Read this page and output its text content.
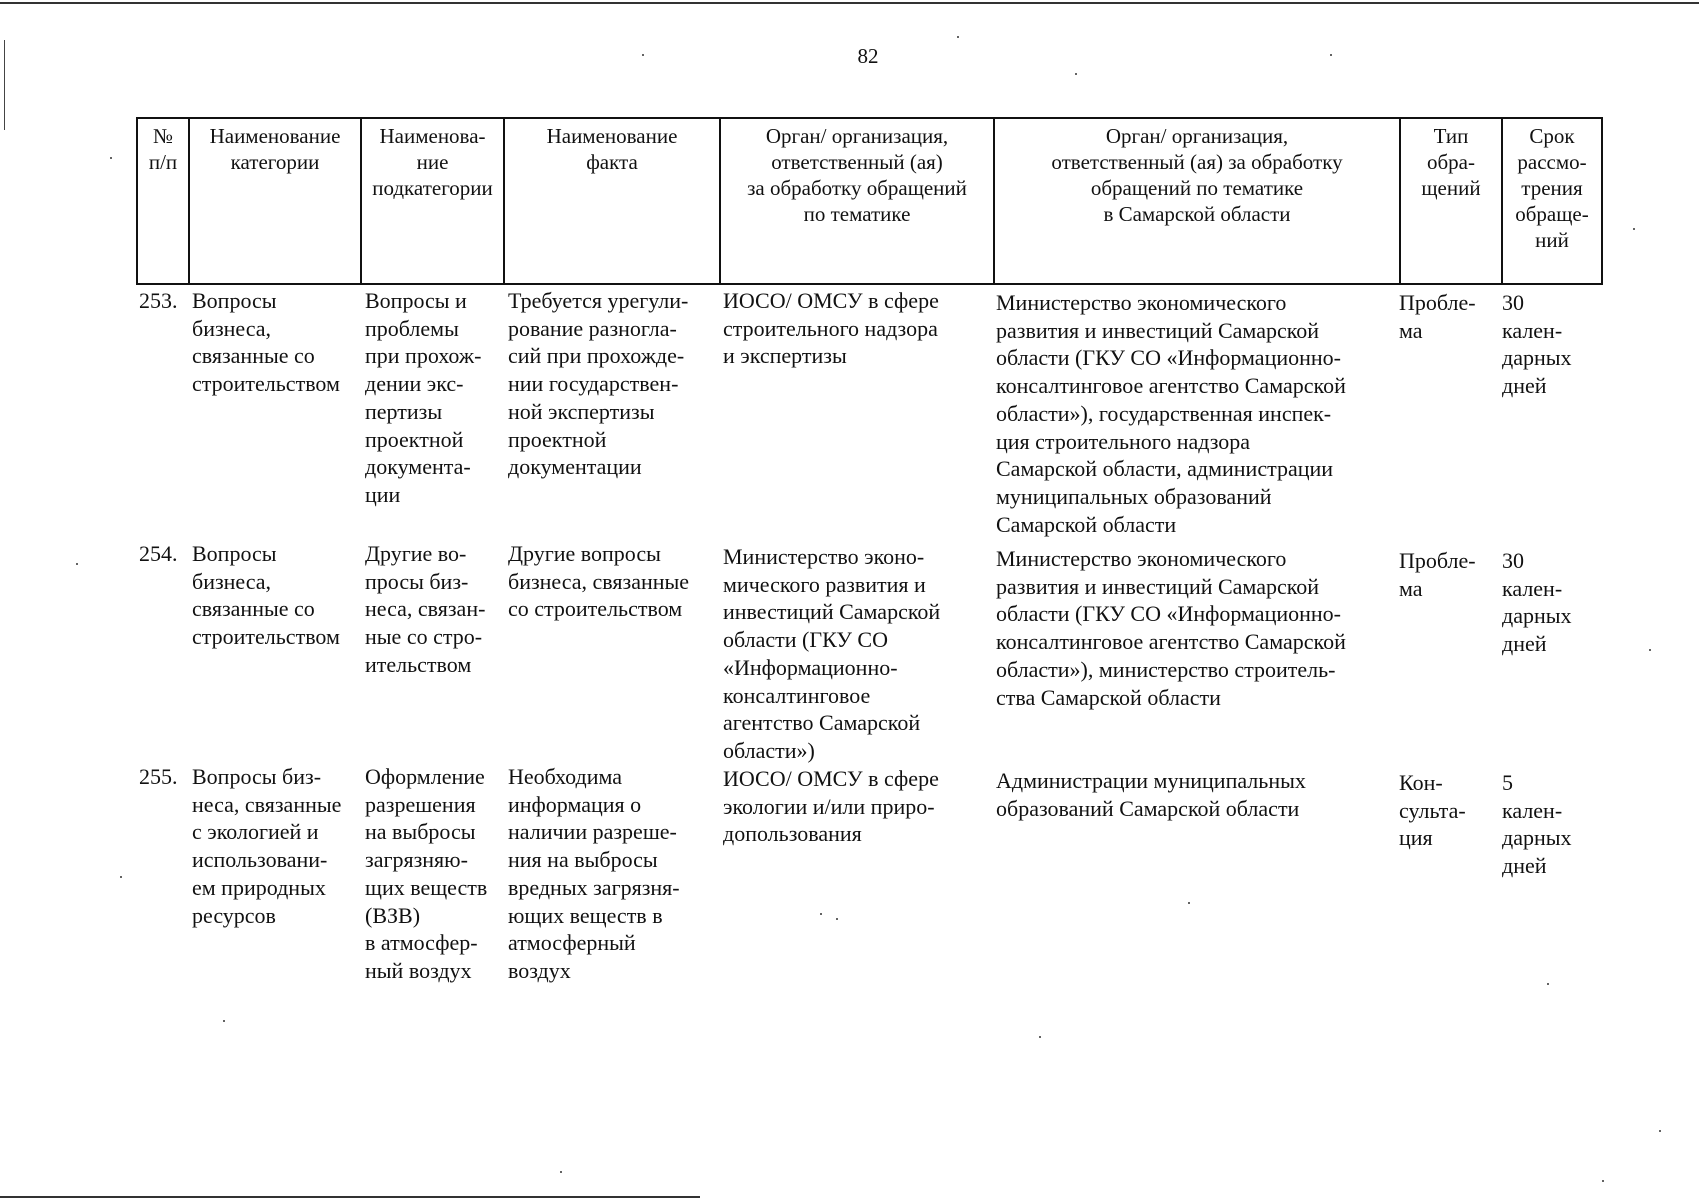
82
№
п/п
Наименование
категории
Наименова-
ние
подкатегории
Наименование
факта
Орган/ организация,
ответственный (ая)
за обработку обращений
по тематике
Орган/ организация,
ответственный (ая) за обработку
обращений по тематике
в Самарской области
Тип
обра-
щений
Срок
рассмо-
трения
обраще-
ний
253. Вопросы
бизнеса,
связанные со
строительством
Вопросы и
проблемы
при прохож-
дении экс-
пертизы
проектной
документа-
ции
Требуется урегули-
рование разногла-
сий при прохожде-
нии государствен-
ной экспертизы
проектной
документации
ИОСО/ ОМСУ в сфере
строительного надзора
и экспертизы
Министерство экономического
развития и инвестиций Самарской
области (ГКУ СО «Информационно-
консалтинговое агентство Самарской
области»), государственная инспек-
ция строительного надзора
Самарской области, администрации
муниципальных образований
Самарской области
Пробле-
ма
30
кален-
дарных
дней
254. Вопросы
бизнеса,
связанные со
строительством
Другие во-
просы биз-
неса, связан-
ные со стро-
ительством
Другие вопросы
бизнеса, связанные
со строительством
Министерство эконо-
мического развития и
инвестиций Самарской
области (ГКУ СО
«Информационно-
консалтинговое
агентство Самарской
области»)
Министерство экономического
развития и инвестиций Самарской
области (ГКУ СО «Информационно-
консалтинговое агентство Самарской
области»), министерство строитель-
ства Самарской области
Пробле-
ма
30
кален-
дарных
дней
255. Вопросы биз-
неса, связанные
с экологией и
использовани-
ем природных
ресурсов
Оформление
разрешения
на выбросы
загрязняю-
щих веществ
(ВЗВ)
в атмосфер-
ный воздух
Необходима
информация о
наличии разреше-
ния на выбросы
вредных загрязня-
ющих веществ в
атмосферный
воздух
ИОСО/ ОМСУ в сфере
экологии и/или приро-
допользования
Администрации муниципальных
образований Самарской области
Кон-
сульта-
ция
5
кален-
дарных
дней
